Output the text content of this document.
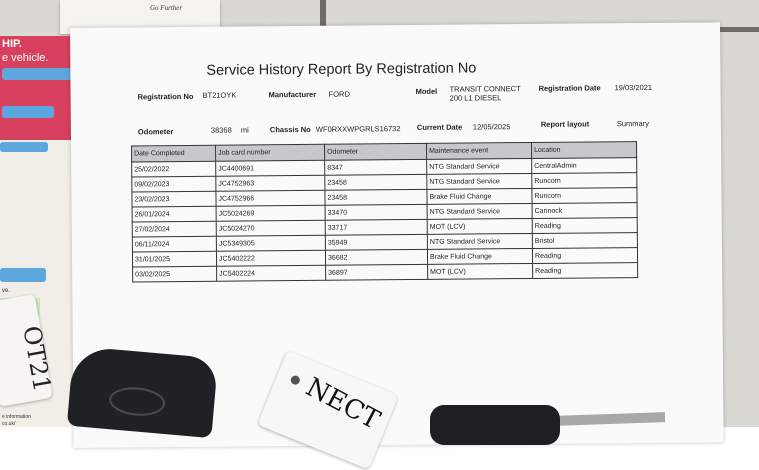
Go Further
HIP.
e vehicle.
ve.
e information
co.uk/
Service History Report By Registration No
Registration No BT21OYK	Manufacturer FORD	Model TRANSIT CONNECT
200 L1 DIESEL
Registration Date 19/03/2021
Odometer	38368 mi	Chassis No WF0RXXWPGRLS16732 Current Date 12/05/2025	Report layout	Summary
Date Completed	Job card number	Odometer	Maintenance event	Location
25/02/2022	JC4400691	8347	NTG Standard Service	CentralAdmin
09/02/2023	JC4752963	23458	NTG Standard Service	Runcorn
23/02/2023	JC4752966	23458	Brake Fluid Change	Runcorn
26/01/2024	JC5024269	33470	NTG Standard Service	Cannock
27/02/2024	JC5024270	33717	MOT (LCV)	Reading
06/11/2024	JC5349305	35949	NTG Standard Service	Bristol
31/01/2025	JC5402222	36682	Brake Fluid Change	Reading
03/02/2025	JC5402224	36897	MOT (LCV)	Reading
OT21
NECT
